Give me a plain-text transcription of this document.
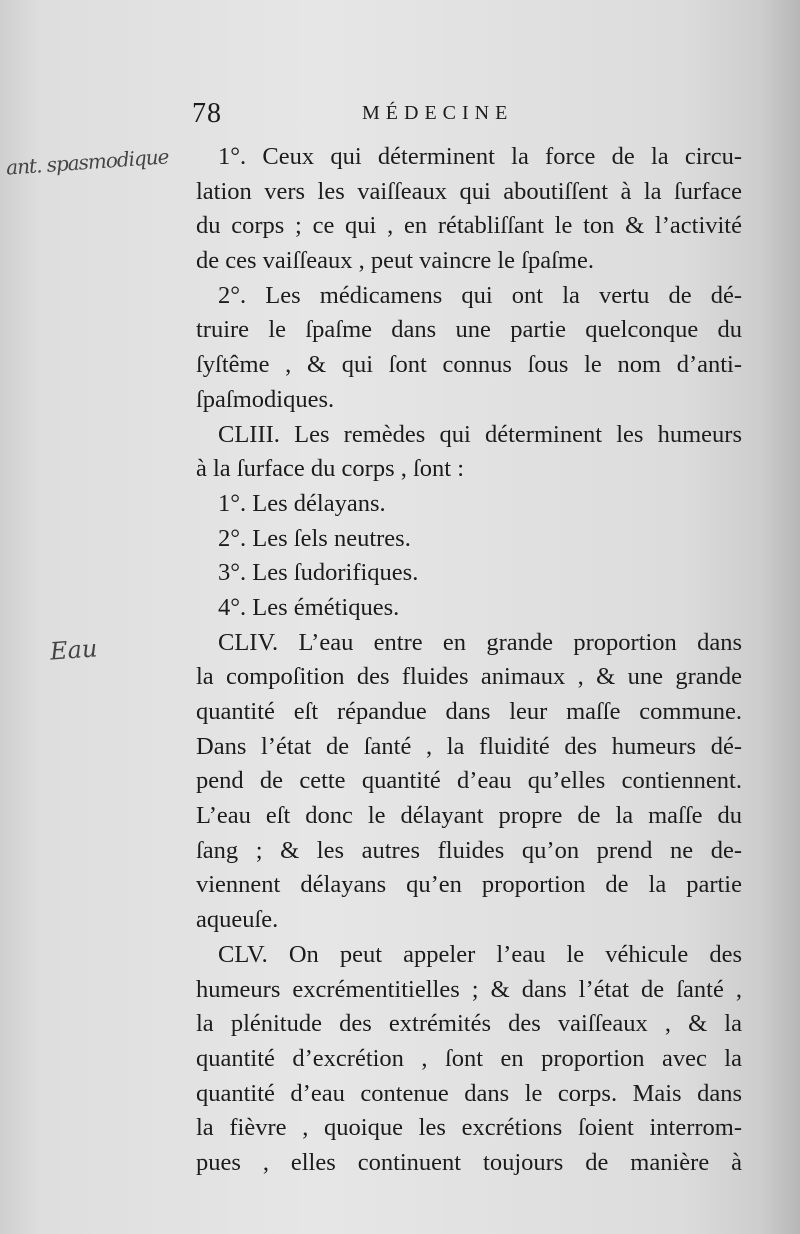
78	MÉDECINE
ant. spasmodique
Eau
1°. Ceux qui déterminent la force de la circu-
lation vers les vaiſſeaux qui aboutiſſent à la ſurface
du corps ; ce qui , en rétabliſſant le ton & l’activité
de ces vaiſſeaux , peut vaincre le ſpaſme.
2°. Les médicamens qui ont la vertu de dé-
truire le ſpaſme dans une partie quelconque du
ſyſtême , & qui ſont connus ſous le nom d’anti-
ſpaſmodiques.
CLIII. Les remèdes qui déterminent les humeurs
à la ſurface du corps , ſont :
1°. Les délayans.
2°. Les ſels neutres.
3°. Les ſudorifiques.
4°. Les émétiques.
CLIV. L’eau entre en grande proportion dans
la compoſition des fluides animaux , & une grande
quantité eſt répandue dans leur maſſe commune.
Dans l’état de ſanté , la fluidité des humeurs dé-
pend de cette quantité d’eau qu’elles contiennent.
L’eau eſt donc le délayant propre de la maſſe du
ſang ; & les autres fluides qu’on prend ne de-
viennent délayans qu’en proportion de la partie
aqueuſe.
CLV. On peut appeler l’eau le véhicule des
humeurs excrémentitielles ; & dans l’état de ſanté ,
la plénitude des extrémités des vaiſſeaux , & la
quantité d’excrétion , ſont en proportion avec la
quantité d’eau contenue dans le corps. Mais dans
la fièvre , quoique les excrétions ſoient interrom-
pues , elles continuent toujours de manière à
